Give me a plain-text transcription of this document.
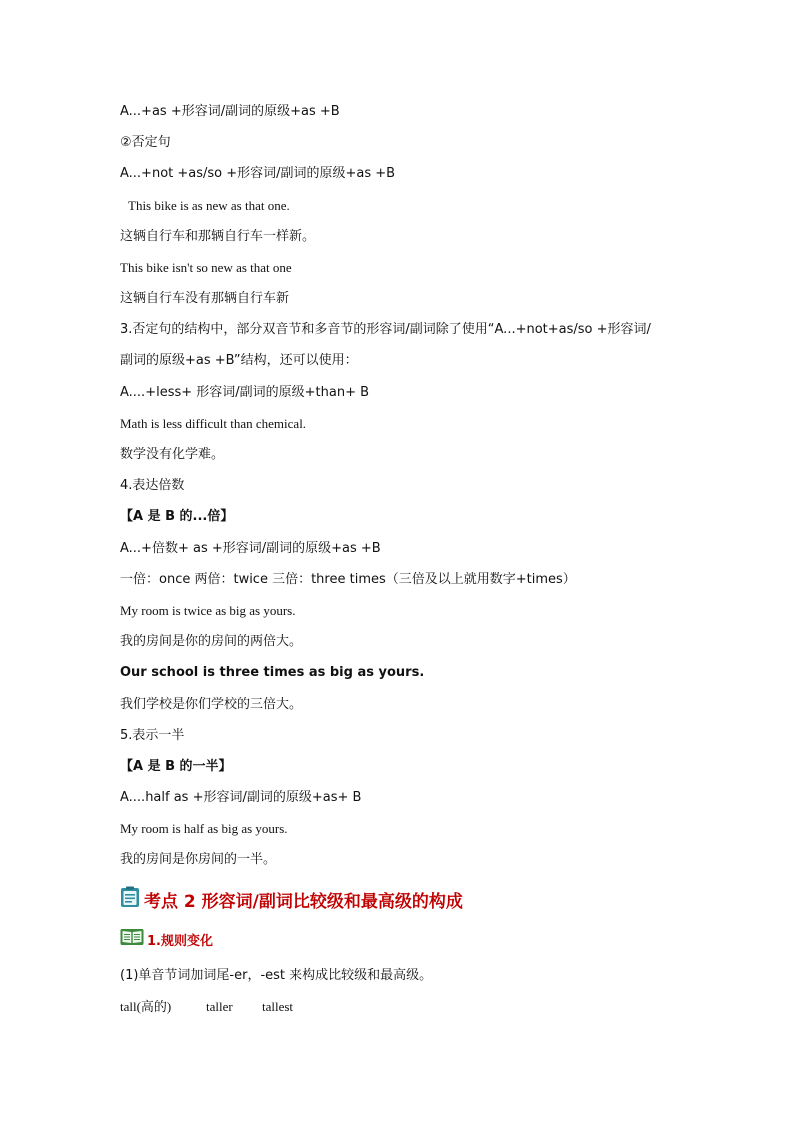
A...+as +形容词/副词的原级+as +B
②否定句
A...+not +as/so +形容词/副词的原级+as +B
This bike is as new as that one.
这辆自行车和那辆自行车一样新。
This bike isn't so new as that one
这辆自行车没有那辆自行车新
3.否定句的结构中，部分双音节和多音节的形容词/副词除了使用“A...+not+as/so +形容词/
副词的原级+as +B”结构，还可以使用：
A....+less+ 形容词/副词的原级+than+ B
Math is less difficult than chemical.
数学没有化学难。
4.表达倍数
【A 是 B 的...倍】
A...+倍数+ as +形容词/副词的原级+as +B
一倍：once 两倍：twice 三倍：three times（三倍及以上就用数字+times）
My room is twice as big as yours.
我的房间是你的房间的两倍大。
Our school is three times as big as yours.
我们学校是你们学校的三倍大。
5.表示一半
【A 是 B 的一半】
A....half as +形容词/副词的原级+as+ B
My room is half as big as yours.
我的房间是你房间的一半。
考点 2 形容词/副词比较级和最高级的构成
1.规则变化
(1)单音节词加词尾-er，-est 来构成比较级和最高级。
tall(高的)	taller tallest
